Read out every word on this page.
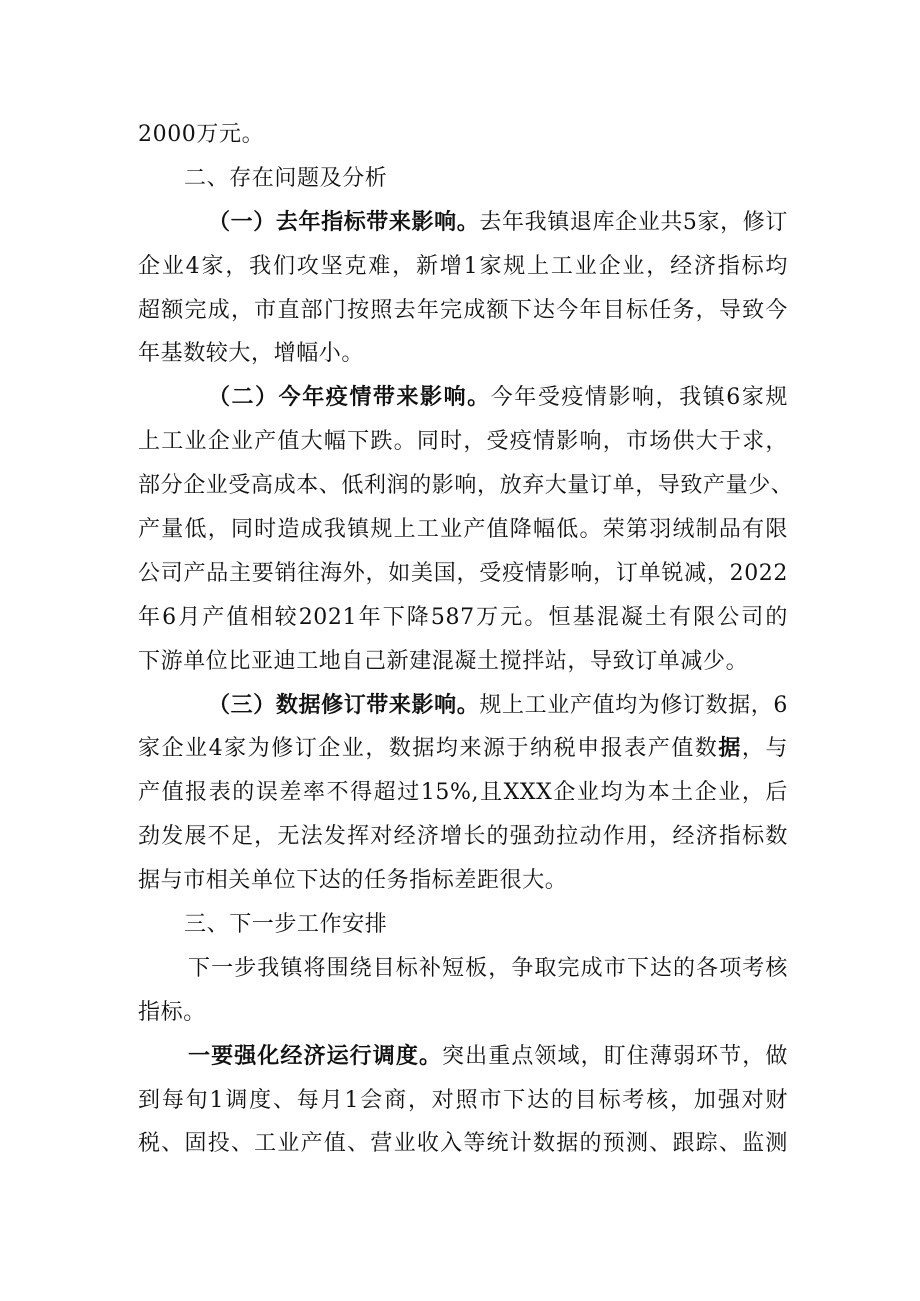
2000万元。
二、存在问题及分析
（一）去年指标带来影响。去年我镇退库企业共5家，修订
企业4家，我们攻坚克难，新增1家规上工业企业，经济指标均
超额完成，市直部门按照去年完成额下达今年目标任务，导致今
年基数较大，增幅小。
（二）今年疫情带来影响。今年受疫情影响，我镇6家规
上工业企业产值大幅下跌。同时，受疫情影响，市场供大于求，
部分企业受高成本、低利润的影响，放弃大量订单，导致产量少、
产量低，同时造成我镇规上工业产值降幅低。荣第羽绒制品有限
公司产品主要销往海外，如美国，受疫情影响，订单锐减，2022
年6月产值相较2021年下降587万元。恒基混凝土有限公司的
下游单位比亚迪工地自己新建混凝土搅拌站，导致订单减少。
（三）数据修订带来影响。规上工业产值均为修订数据，6
家企业4家为修订企业，数据均来源于纳税申报表产值数据，与
产值报表的误差率不得超过15%,且XXX企业均为本土企业，后
劲发展不足，无法发挥对经济增长的强劲拉动作用，经济指标数
据与市相关单位下达的任务指标差距很大。
三、下一步工作安排
下一步我镇将围绕目标补短板，争取完成市下达的各项考核
指标。
一要强化经济运行调度。突出重点领域，盯住薄弱环节，做
到每旬1调度、每月1会商，对照市下达的目标考核，加强对财
税、固投、工业产值、营业收入等统计数据的预测、跟踪、监测
